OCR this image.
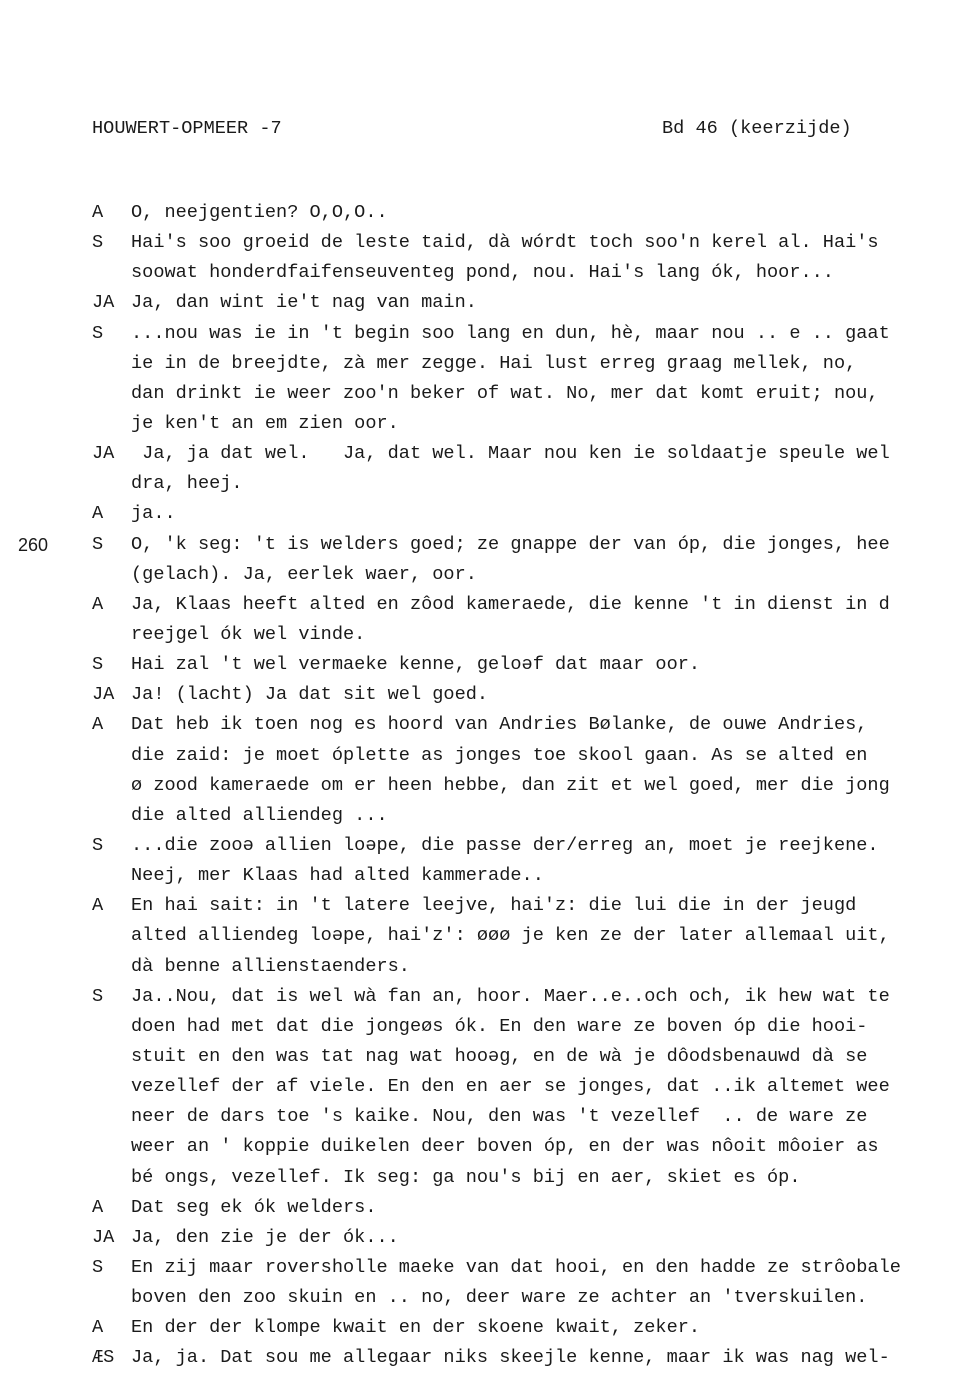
HOUWERT-OPMEER -7	Bd 46 (keerzijde)
A O, neejgentien? O,O,O..
S Hai's soo groeid de leste taid, dà wórdt toch soo'n kerel al. Hai's
soowat honderdfaifenseuventeg pond, nou. Hai's lang ók, hoor...
JA Ja, dan wint ie't nag van main.
S ...nou was ie in 't begin soo lang en dun, hè, maar nou .. e .. gaat
ie in de breejdte, zà mer zegge. Hai lust erreg graag mellek, no,
dan drinkt ie weer zoo'n beker of wat. No, mer dat komt eruit; nou,
je ken't an em zien oor.
JA Ja, ja dat wel.   Ja, dat wel. Maar nou ken ie soldaatje speule wel
dra, heej.
A ja..
260 S O, 'k seg: 't is welders goed; ze gnappe der van óp, die jonges, hee
(gelach). Ja, eerlek waer, oor.
A Ja, Klaas heeft alted en zôod kameraede, die kenne 't in dienst in d
reejgel ók wel vinde.
S Hai zal 't wel vermaeke kenne, geloəf dat maar oor.
JA Ja! (lacht) Ja dat sit wel goed.
A Dat heb ik toen nog es hoord van Andries Bølanke, de ouwe Andries,
die zaid: je moet óplette as jonges toe skool gaan. As se alted en
ø zood kameraede om er heen hebbe, dan zit et wel goed, mer die jong
die alted alliendeg ...
S ...die zooə allien loəpe, die passe der/erreg an, moet je reejkene.
Neej, mer Klaas had alted kammerade..
A En hai sait: in 't latere leejve, hai'z: die lui die in der jeugd
alted alliendeg loəpe, hai'z': øøø je ken ze der later allemaal uit,
dà benne allienstaenders.
S Ja..Nou, dat is wel wà fan an, hoor. Maer..e..och och, ik hew wat te
doen had met dat die jongeøs ók. En den ware ze boven óp die hooi-
stuit en den was tat nag wat hooəg, en de wà je dôodsbenauwd dà se
vezellef der af viele. En den en aer se jonges, dat ..ik altemet wee
neer de dars toe 's kaike. Nou, den was 't vezellef  .. de ware ze
weer an ' koppie duikelen deer boven óp, en der was nôoit môoier as
bé ongs, vezellef. Ik seg: ga nou's bij en aer, skiet es óp.
A Dat seg ek ók welders.
JA Ja, den zie je der ók...
S En zij maar roversholle maeke van dat hooi, en den hadde ze strôobale
boven den zoo skuin en .. no, deer ware ze achter an 'tverskuilen.
A En der der klompe kwait en der skoene kwait, zeker.
ÆS Ja, ja. Dat sou me allegaar niks skeejle kenne, maar ik was nag wel-
